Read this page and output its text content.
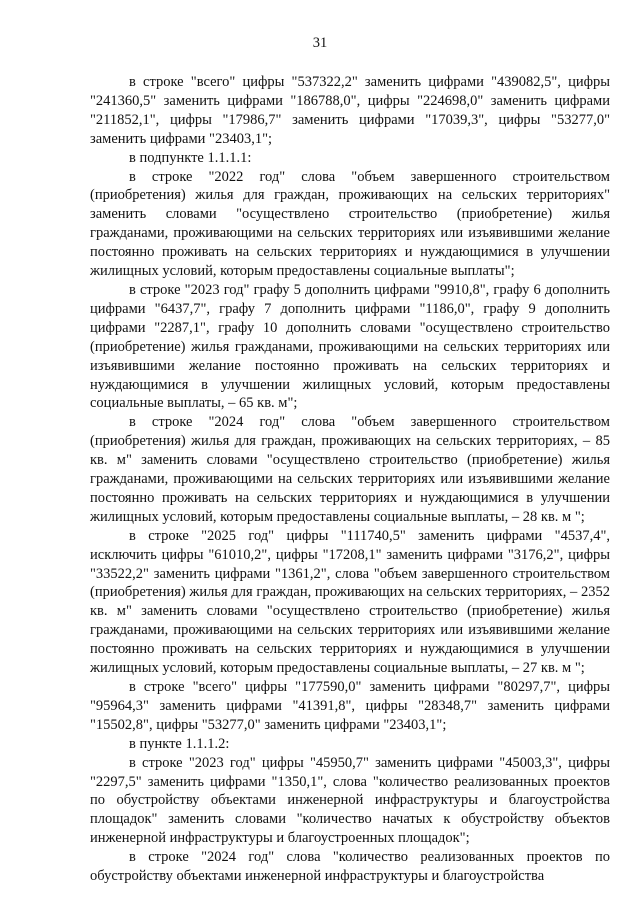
31

в строке "всего" цифры "537322,2" заменить цифрами "439082,5", цифры "241360,5" заменить цифрами "186788,0", цифры "224698,0" заменить цифрами "211852,1", цифры "17986,7" заменить цифрами "17039,3", цифры "53277,0" заменить цифрами "23403,1";

в подпункте 1.1.1.1:

в строке "2022 год" слова "объем завершенного строительством (приобретения) жилья для граждан, проживающих на сельских территориях" заменить словами "осуществлено строительство (приобретение) жилья гражданами, проживающими на сельских территориях или изъявившими желание постоянно проживать на сельских территориях и нуждающимися в улучшении жилищных условий, которым предоставлены социальные выплаты";

в строке "2023 год" графу 5 дополнить цифрами "9910,8", графу 6 дополнить цифрами "6437,7", графу 7 дополнить цифрами "1186,0", графу 9 дополнить цифрами "2287,1", графу 10 дополнить словами "осуществлено строительство (приобретение) жилья гражданами, проживающими на сельских территориях или изъявившими желание постоянно проживать на сельских территориях и нуждающимися в улучшении жилищных условий, которым предоставлены социальные выплаты, – 65 кв. м";

в строке "2024 год" слова "объем завершенного строительством (приобретения) жилья для граждан, проживающих на сельских территориях, – 85 кв. м" заменить словами "осуществлено строительство (приобретение) жилья гражданами, проживающими на сельских территориях или изъявившими желание постоянно проживать на сельских территориях и нуждающимися в улучшении жилищных условий, которым предоставлены социальные выплаты, – 28 кв. м ";

в строке "2025 год" цифры "111740,5" заменить цифрами "4537,4", исключить цифры "61010,2", цифры "17208,1" заменить цифрами "3176,2", цифры "33522,2" заменить цифрами "1361,2", слова "объем завершенного строительством (приобретения) жилья для граждан, проживающих на сельских территориях, – 2352 кв. м" заменить словами "осуществлено строительство (приобретение) жилья гражданами, проживающими на сельских территориях или изъявившими желание постоянно проживать на сельских территориях и нуждающимися в улучшении жилищных условий, которым предоставлены социальные выплаты, – 27 кв. м ";

в строке "всего" цифры "177590,0" заменить цифрами "80297,7", цифры "95964,3" заменить цифрами "41391,8", цифры "28348,7" заменить цифрами "15502,8", цифры "53277,0" заменить цифрами "23403,1";

в пункте 1.1.1.2:

в строке "2023 год" цифры "45950,7" заменить цифрами "45003,3", цифры "2297,5" заменить цифрами "1350,1", слова "количество реализованных проектов по обустройству объектами инженерной инфраструктуры и благоустройства площадок" заменить словами "количество начатых к обустройству объектов инженерной инфраструктуры и благоустроенных площадок";

в строке "2024 год" слова "количество реализованных проектов по обустройству объектами инженерной инфраструктуры и благоустройства
